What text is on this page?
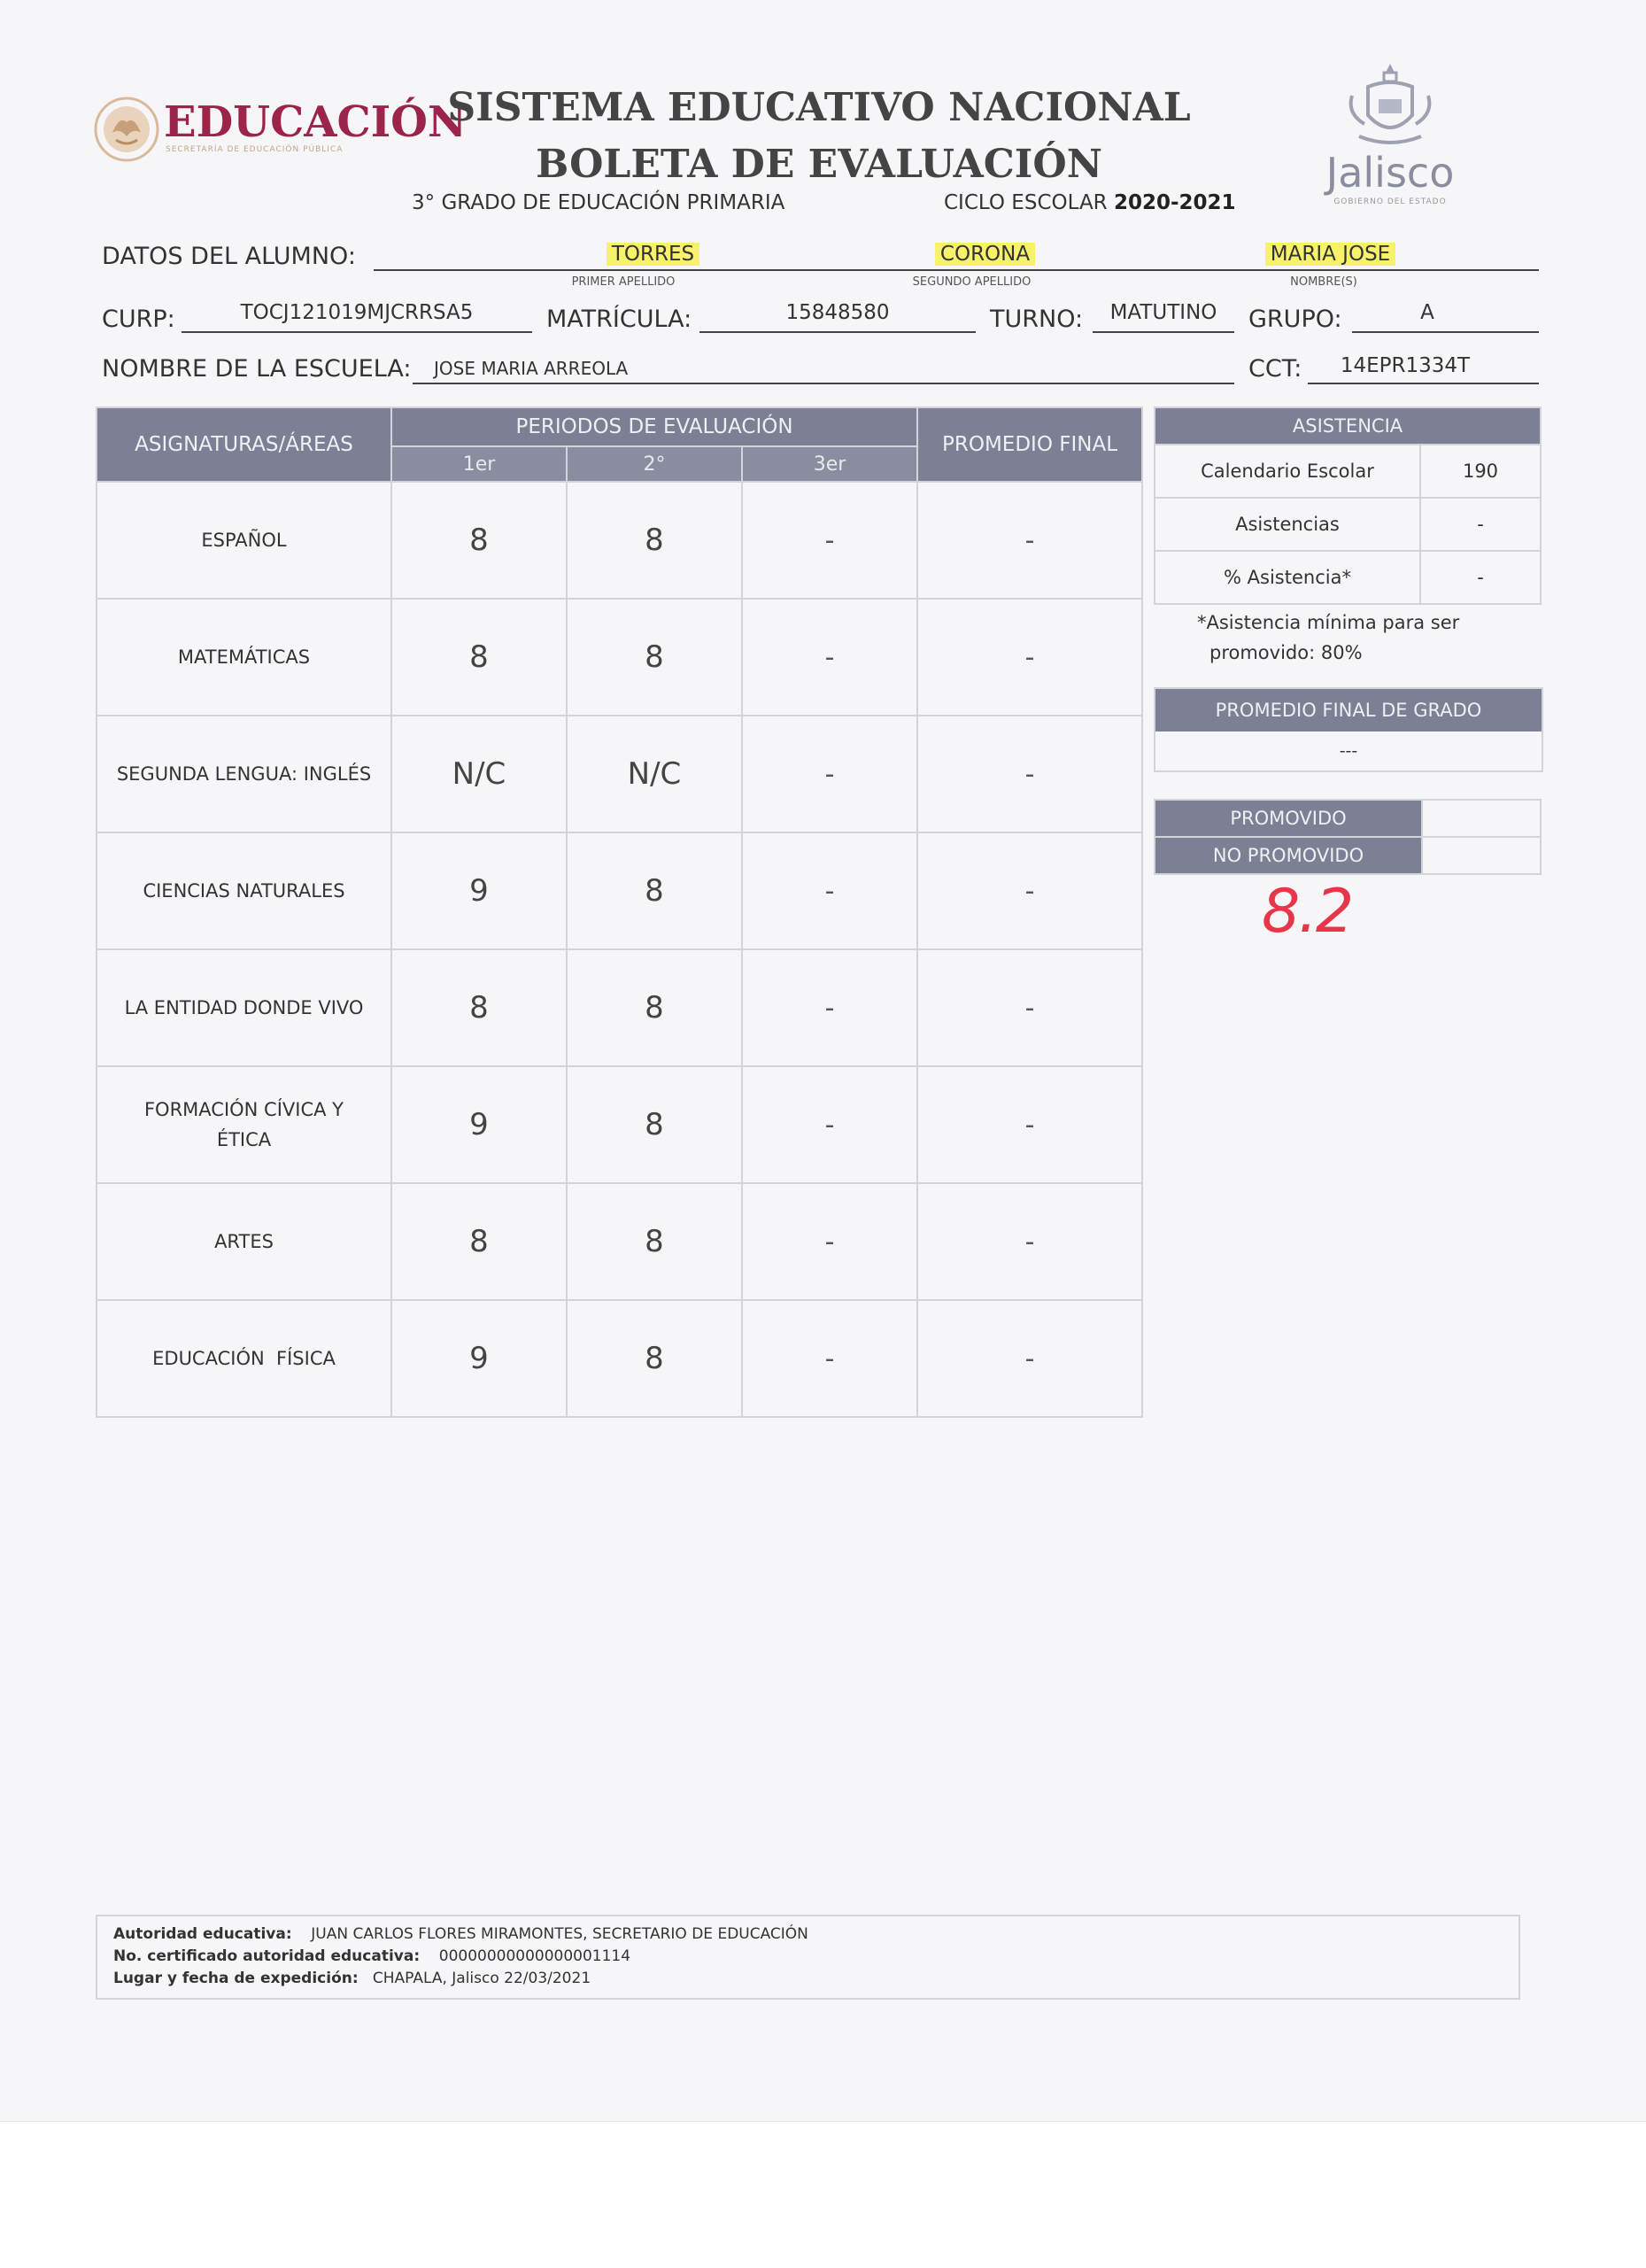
EDUCACIÓN
SECRETARÍA DE EDUCACIÓN PÚBLICA
SISTEMA EDUCATIVO NACIONAL
BOLETA DE EVALUACIÓN
3° GRADO DE EDUCACIÓN PRIMARIA	CICLO ESCOLAR 2020-2021
Jalisco
GOBIERNO DEL ESTADO
DATOS DEL ALUMNO:	TORRES
PRIMER APELLIDO
CORONA
SEGUNDO APELLIDO
MARIA JOSE
NOMBRE(S)
CURP:	TOCJ121019MJCRRSA5	MATRÍCULA:	15848580	TURNO:	MATUTINO	GRUPO:	A
NOMBRE DE LA ESCUELA: JOSE MARIA ARREOLA	CCT:	14EPR1334T
ASIGNATURAS/ÁREAS	PERIODOS DE EVALUACIÓN			PROMEDIO FINAL
	1er	2°	3er	
ESPAÑOL	8	8	-	-
MATEMÁTICAS	8	8	-	-
SEGUNDA LENGUA: INGLÉS	N/C	N/C	-	-
CIENCIAS NATURALES	9	8	-	-
LA ENTIDAD DONDE VIVO	8	8	-	-
FORMACIÓN CÍVICA Y ÉTICA	9	8	-	-
ARTES	8	8	-	-
EDUCACIÓN  FÍSICA	9	8	-	-
ASISTENCIA	
Calendario Escolar	190
Asistencias	-
% Asistencia*	-
*Asistencia mínima para ser
promovido: 80%
PROMEDIO FINAL DE GRADO
---
PROMOVIDO	
NO PROMOVIDO	
8.2
Autoridad educativa: JUAN CARLOS FLORES MIRAMONTES, SECRETARIO DE EDUCACIÓN
No. certificado autoridad educativa: 00000000000000001114
Lugar y fecha de expedición: CHAPALA, Jalisco 22/03/2021
